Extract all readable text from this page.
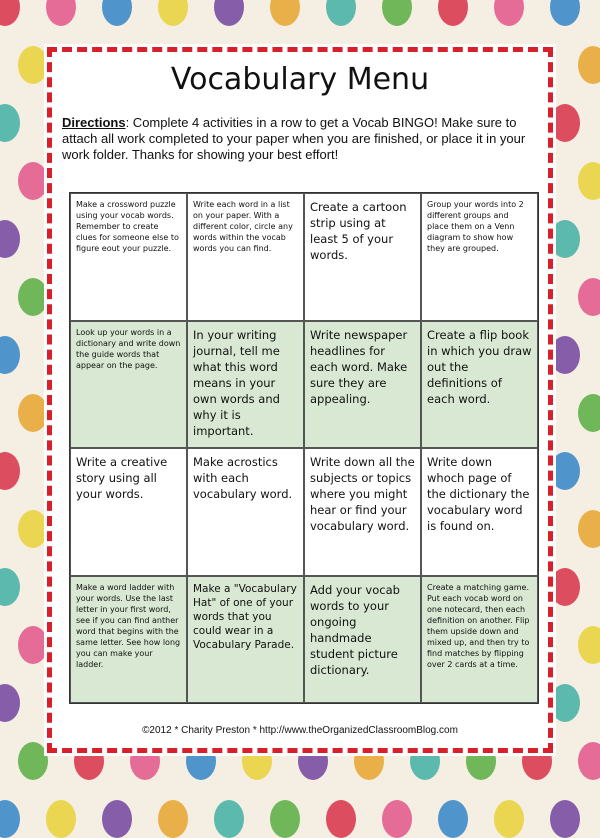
Vocabulary Menu
Directions: Complete 4 activities in a row to get a Vocab BINGO! Make sure to attach all work completed to your paper when you are finished, or place it in your work folder. Thanks for showing your best effort!
Make a crossword puzzle using your vocab words. Remember to create clues for someone else to figure eout your puzzle.
Write each word in a list on your paper. With a different color, circle any words within the vocab words you can find.
Create a cartoon strip using at least 5 of your words.
Group your words into 2 different groups and place them on a Venn diagram to show how they are grouped.
Look up your words in a dictionary and write down the guide words that appear on the page.
In your writing journal, tell me what this word means in your own words and why it is important.
Write newspaper headlines for each word. Make sure they are appealing.
Create a flip book in which you draw out the definitions of each word.
Write a creative story using all your words.
Make acrostics with each vocabulary word.
Write down all the subjects or topics where you might hear or find your vocabulary word.
Write down whoch page of the dictionary the vocabulary word is found on.
Make a word ladder with your words. Use the last letter in your first word, see if you can find anther word that begins with the same letter. See how long you can make your ladder.
Make a "Vocabulary Hat" of one of your words that you could wear in a Vocabulary Parade.
Add your vocab words to your ongoing handmade student picture dictionary.
Create a matching game. Put each vocab word on one notecard, then each definition on another. Flip them upside down and mixed up, and then try to find matches by flipping over 2 cards at a time.
©2012 * Charity Preston * http://www.theOrganizedClassroomBlog.com
